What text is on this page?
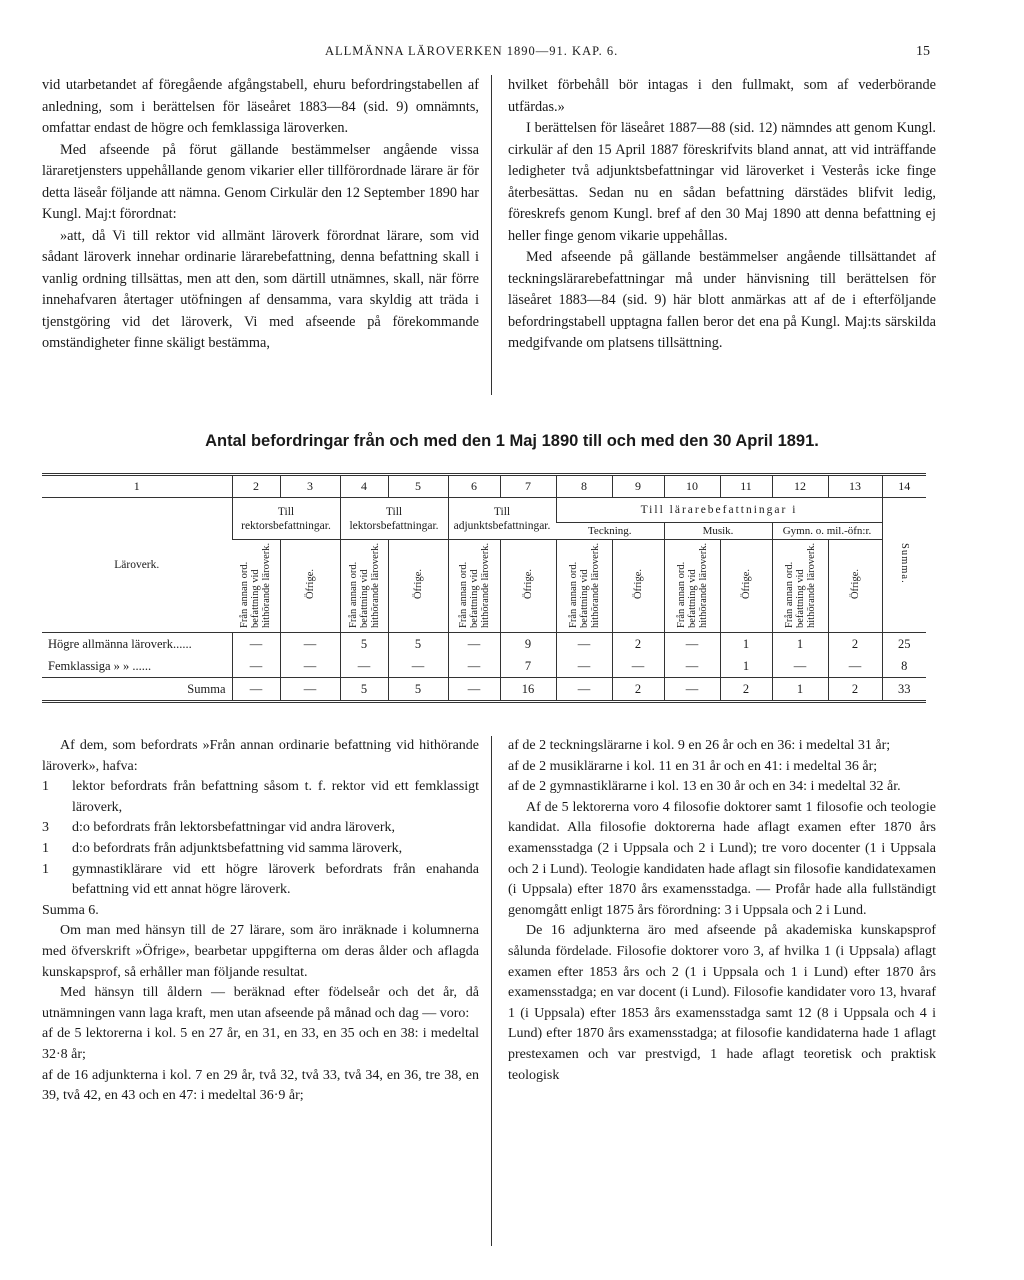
ALLMÄNNA LÄROVERKEN 1890—91. KAP. 6.	15

vid utarbetandet af föregående afgångstabell, ehuru befordringstabellen af anledning, som i berättelsen för läseåret 1883—84 (sid. 9) omnämnts, omfattar endast de högre och femklassiga läroverken.

Med afseende på förut gällande bestämmelser angående vissa läraretjensters uppehållande genom vikarier eller tillförordnade lärare är för detta läseår följande att nämna. Genom Cirkulär den 12 September 1890 har Kungl. Maj:t förordnat:

»att, då Vi till rektor vid allmänt läroverk förordnat lärare, som vid sådant läroverk innehar ordinarie lärarebefattning, denna befattning skall i vanlig ordning tillsättas, men att den, som därtill utnämnes, skall, när förre innehafvaren återtager utöfningen af densamma, vara skyldig att träda i tjenstgöring vid det läroverk, Vi med afseende på förekommande omständigheter finne skäligt bestämma,

hvilket förbehåll bör intagas i den fullmakt, som af vederbörande utfärdas.»

I berättelsen för läseåret 1887—88 (sid. 12) nämndes att genom Kungl. cirkulär af den 15 April 1887 föreskrifvits bland annat, att vid inträffande ledigheter två adjunktsbefattningar vid läroverket i Vesterås icke finge återbesättas. Sedan nu en sådan befattning därstädes blifvit ledig, föreskrefs genom Kungl. bref af den 30 Maj 1890 att denna befattning ej heller finge genom vikarie uppehållas.

Med afseende på gällande bestämmelser angående tillsättandet af teckningslärarebefattningar må under hänvisning till berättelsen för läseåret 1883—84 (sid. 9) här blott anmärkas att af de i efterföljande befordringstabell upptagna fallen beror det ena på Kungl. Maj:ts särskilda medgifvande om platsens tillsättning.

Antal befordringar från och med den 1 Maj 1890 till och med den 30 April 1891.
1	2	3	4	5	6	7	8	9	10	11	12	13	14
Läroverk.	Till rektorsbefattningar.		Till lektorsbefattningar.		Till adjunktsbefattningar.		Till lärarebefattningar i						Summa.
							Teckning.		Musik.		Gymn. o. mil.-öfn:r.		
	Från annan ord. befattning vid hithörande läroverk.	Öfrige.	Från annan ord. befattning vid hithörande läroverk.	Öfrige.	Från annan ord. befattning vid hithörande läroverk.	Öfrige.	Från annan ord. befattning vid hithörande läroverk.	Öfrige.	Från annan ord. befattning vid hithörande läroverk.	Öfrige.	Från annan ord. befattning vid hithörande läroverk.	Öfrige.	
Högre allmänna läroverk......	—	—	5	5	—	9	—	2	—	1	1	2	25
Femklassiga » » ......	—	—	—	—	—	7	—	—	—	1	—	—	8
Summa	—	—	5	5	—	16	—	2	—	2	1	2	33

Af dem, som befordrats »Från annan ordinarie befattning vid hithörande läroverk», hafva:

1	lektor befordrats från befattning såsom t. f. rektor vid ett femklassigt läroverk,
3	d:o befordrats från lektorsbefattningar vid andra läroverk,
1	d:o befordrats från adjunktsbefattning vid samma läroverk,
1	gymnastiklärare vid ett högre läroverk befordrats från enahanda befattning vid ett annat högre läroverk.

Summa 6.

Om man med hänsyn till de 27 lärare, som äro inräknade i kolumnerna med öfverskrift »Öfrige», bearbetar uppgifterna om deras ålder och aflagda kunskapsprof, så erhåller man följande resultat.

Med hänsyn till åldern — beräknad efter födelseår och det år, då utnämningen vann laga kraft, men utan afseende på månad och dag — voro:

af de 5 lektorerna i kol. 5 en 27 år, en 31, en 33, en 35 och en 38: i medeltal 32·8 år;

af de 16 adjunkterna i kol. 7 en 29 år, två 32, två 33, två 34, en 36, tre 38, en 39, två 42, en 43 och en 47: i medeltal 36·9 år;

af de 2 teckningslärarne i kol. 9 en 26 år och en 36: i medeltal 31 år;

af de 2 musiklärarne i kol. 11 en 31 år och en 41: i medeltal 36 år;

af de 2 gymnastiklärarne i kol. 13 en 30 år och en 34: i medeltal 32 år.

Af de 5 lektorerna voro 4 filosofie doktorer samt 1 filosofie och teologie kandidat. Alla filosofie doktorerna hade aflagt examen efter 1870 års examensstadga (2 i Uppsala och 2 i Lund); tre voro docenter (1 i Uppsala och 2 i Lund). Teologie kandidaten hade aflagt sin filosofie kandidatexamen (i Uppsala) efter 1870 års examensstadga. — Profår hade alla fullständigt genomgått enligt 1875 års förordning: 3 i Uppsala och 2 i Lund.

De 16 adjunkterna äro med afseende på akademiska kunskapsprof sålunda fördelade. Filosofie doktorer voro 3, af hvilka 1 (i Uppsala) aflagt examen efter 1853 års och 2 (1 i Uppsala och 1 i Lund) efter 1870 års examensstadga; en var docent (i Lund). Filosofie kandidater voro 13, hvaraf 1 (i Uppsala) efter 1853 års examensstadga samt 12 (8 i Uppsala och 4 i Lund) efter 1870 års examensstadga; at filosofie kandidaterna hade 1 aflagt prestexamen och var prestvigd, 1 hade aflagt teoretisk och praktisk teologisk
